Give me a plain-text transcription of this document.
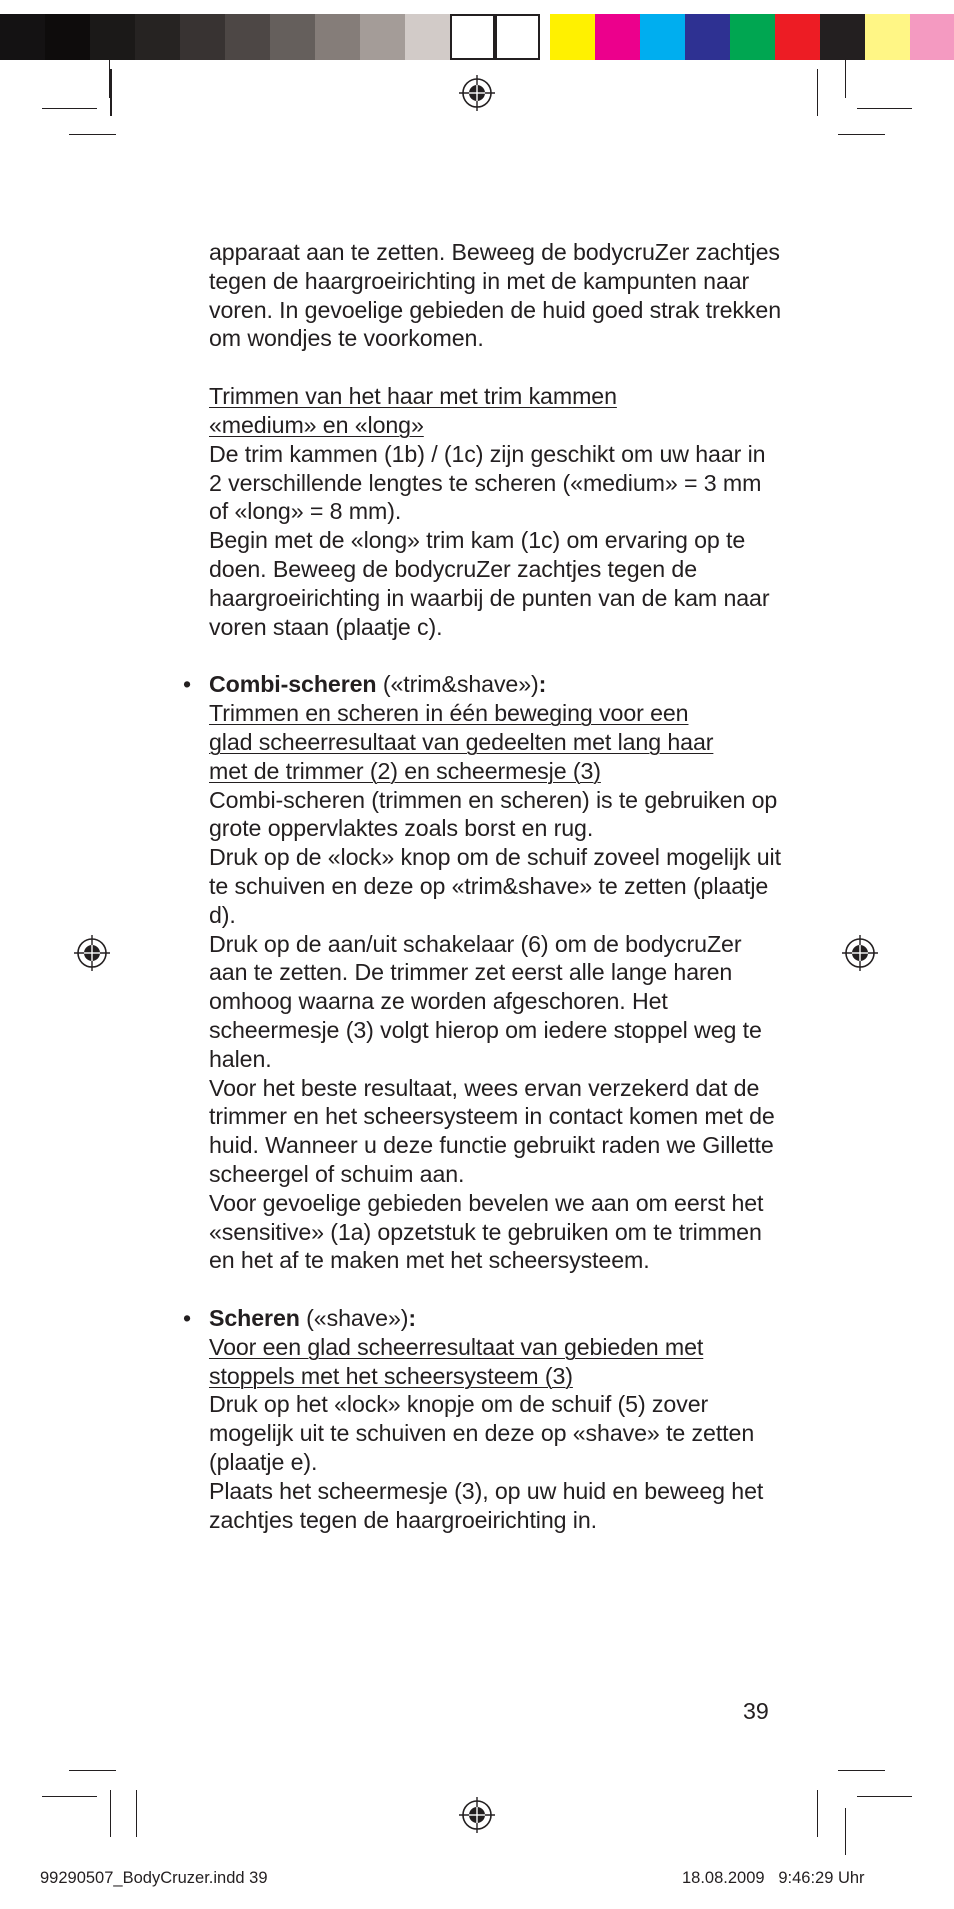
apparaat aan te zetten. Beweeg de bodycruZer zachtjes tegen de haargroeirichting in met de kampunten naar voren. In gevoelige gebieden de huid goed strak trekken om wondjes te voorkomen.

Trimmen van het haar met trim kammen
«medium» en «long»
De trim kammen (1b) / (1c) zijn geschikt om uw haar in 2 verschillende lengtes te scheren («medium» = 3 mm of «long» = 8 mm).
Begin met de «long» trim kam (1c) om ervaring op te doen. Beweeg de bodycruZer zachtjes tegen de haargroeirichting in waarbij de punten van de kam naar voren staan (plaatje c).

• Combi-scheren («trim&shave»):
Trimmen en scheren in één beweging voor een
glad scheerresultaat van gedeelten met lang haar
met de trimmer (2) en scheermesje (3)
Combi-scheren (trimmen en scheren) is te gebruiken op grote oppervlaktes zoals borst en rug.
Druk op de «lock» knop om de schuif zoveel mogelijk uit te schuiven en deze op «trim&shave» te zetten (plaatje d).
Druk op de aan/uit schakelaar (6) om de bodycruZer aan te zetten. De trimmer zet eerst alle lange haren omhoog waarna ze worden afgeschoren. Het scheermesje (3) volgt hierop om iedere stoppel weg te halen.
Voor het beste resultaat, wees ervan verzekerd dat de trimmer en het scheersysteem in contact komen met de huid. Wanneer u deze functie gebruikt raden we Gillette scheergel of schuim aan.
Voor gevoelige gebieden bevelen we aan om eerst het «sensitive» (1a) opzetstuk te gebruiken om te trimmen en het af te maken met het scheersysteem.

• Scheren («shave»):
Voor een glad scheerresultaat van gebieden met
stoppels met het scheersysteem (3)
Druk op het «lock» knopje om de schuif (5) zover mogelijk uit te schuiven en deze op «shave» te zetten (plaatje e).
Plaats het scheermesje (3), op uw huid en beweeg het zachtjes tegen de haargroeirichting in.

39
99290507_BodyCruzer.indd 39	18.08.2009   9:46:29 Uhr
